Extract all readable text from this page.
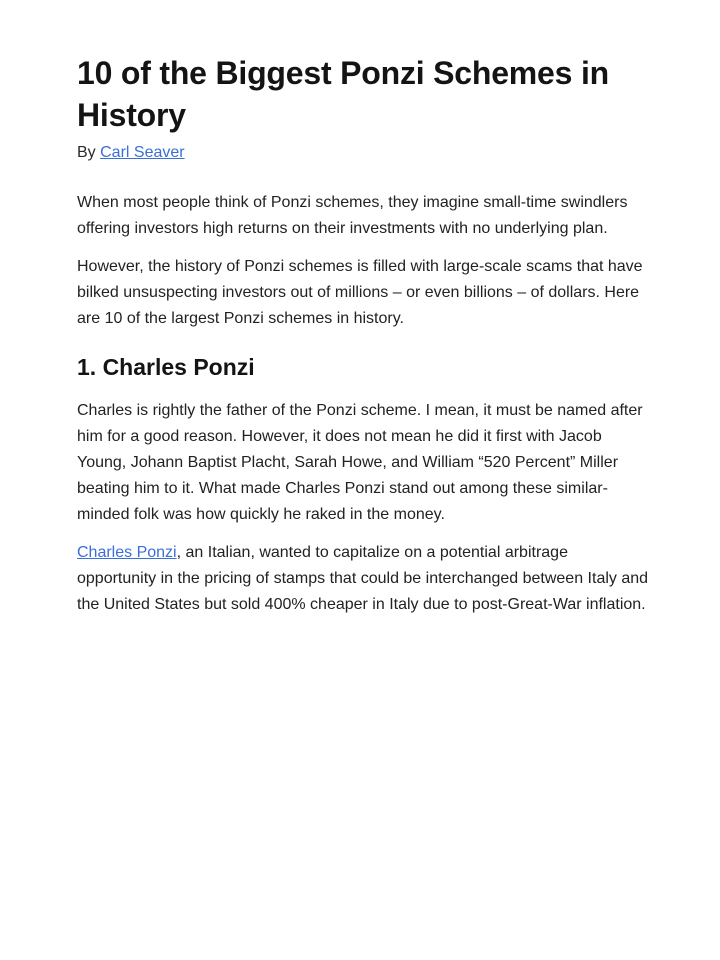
10 of the Biggest Ponzi Schemes in History

By Carl Seaver

When most people think of Ponzi schemes, they imagine small-time swindlers offering investors high returns on their investments with no underlying plan.

However, the history of Ponzi schemes is filled with large-scale scams that have bilked unsuspecting investors out of millions – or even billions – of dollars. Here are 10 of the largest Ponzi schemes in history.

1. Charles Ponzi

Charles is rightly the father of the Ponzi scheme. I mean, it must be named after him for a good reason. However, it does not mean he did it first with Jacob Young, Johann Baptist Placht, Sarah Howe, and William “520 Percent” Miller beating him to it. What made Charles Ponzi stand out among these similar-minded folk was how quickly he raked in the money.

Charles Ponzi, an Italian, wanted to capitalize on a potential arbitrage opportunity in the pricing of stamps that could be interchanged between Italy and the United States but sold 400% cheaper in Italy due to post-Great-War inflation.
